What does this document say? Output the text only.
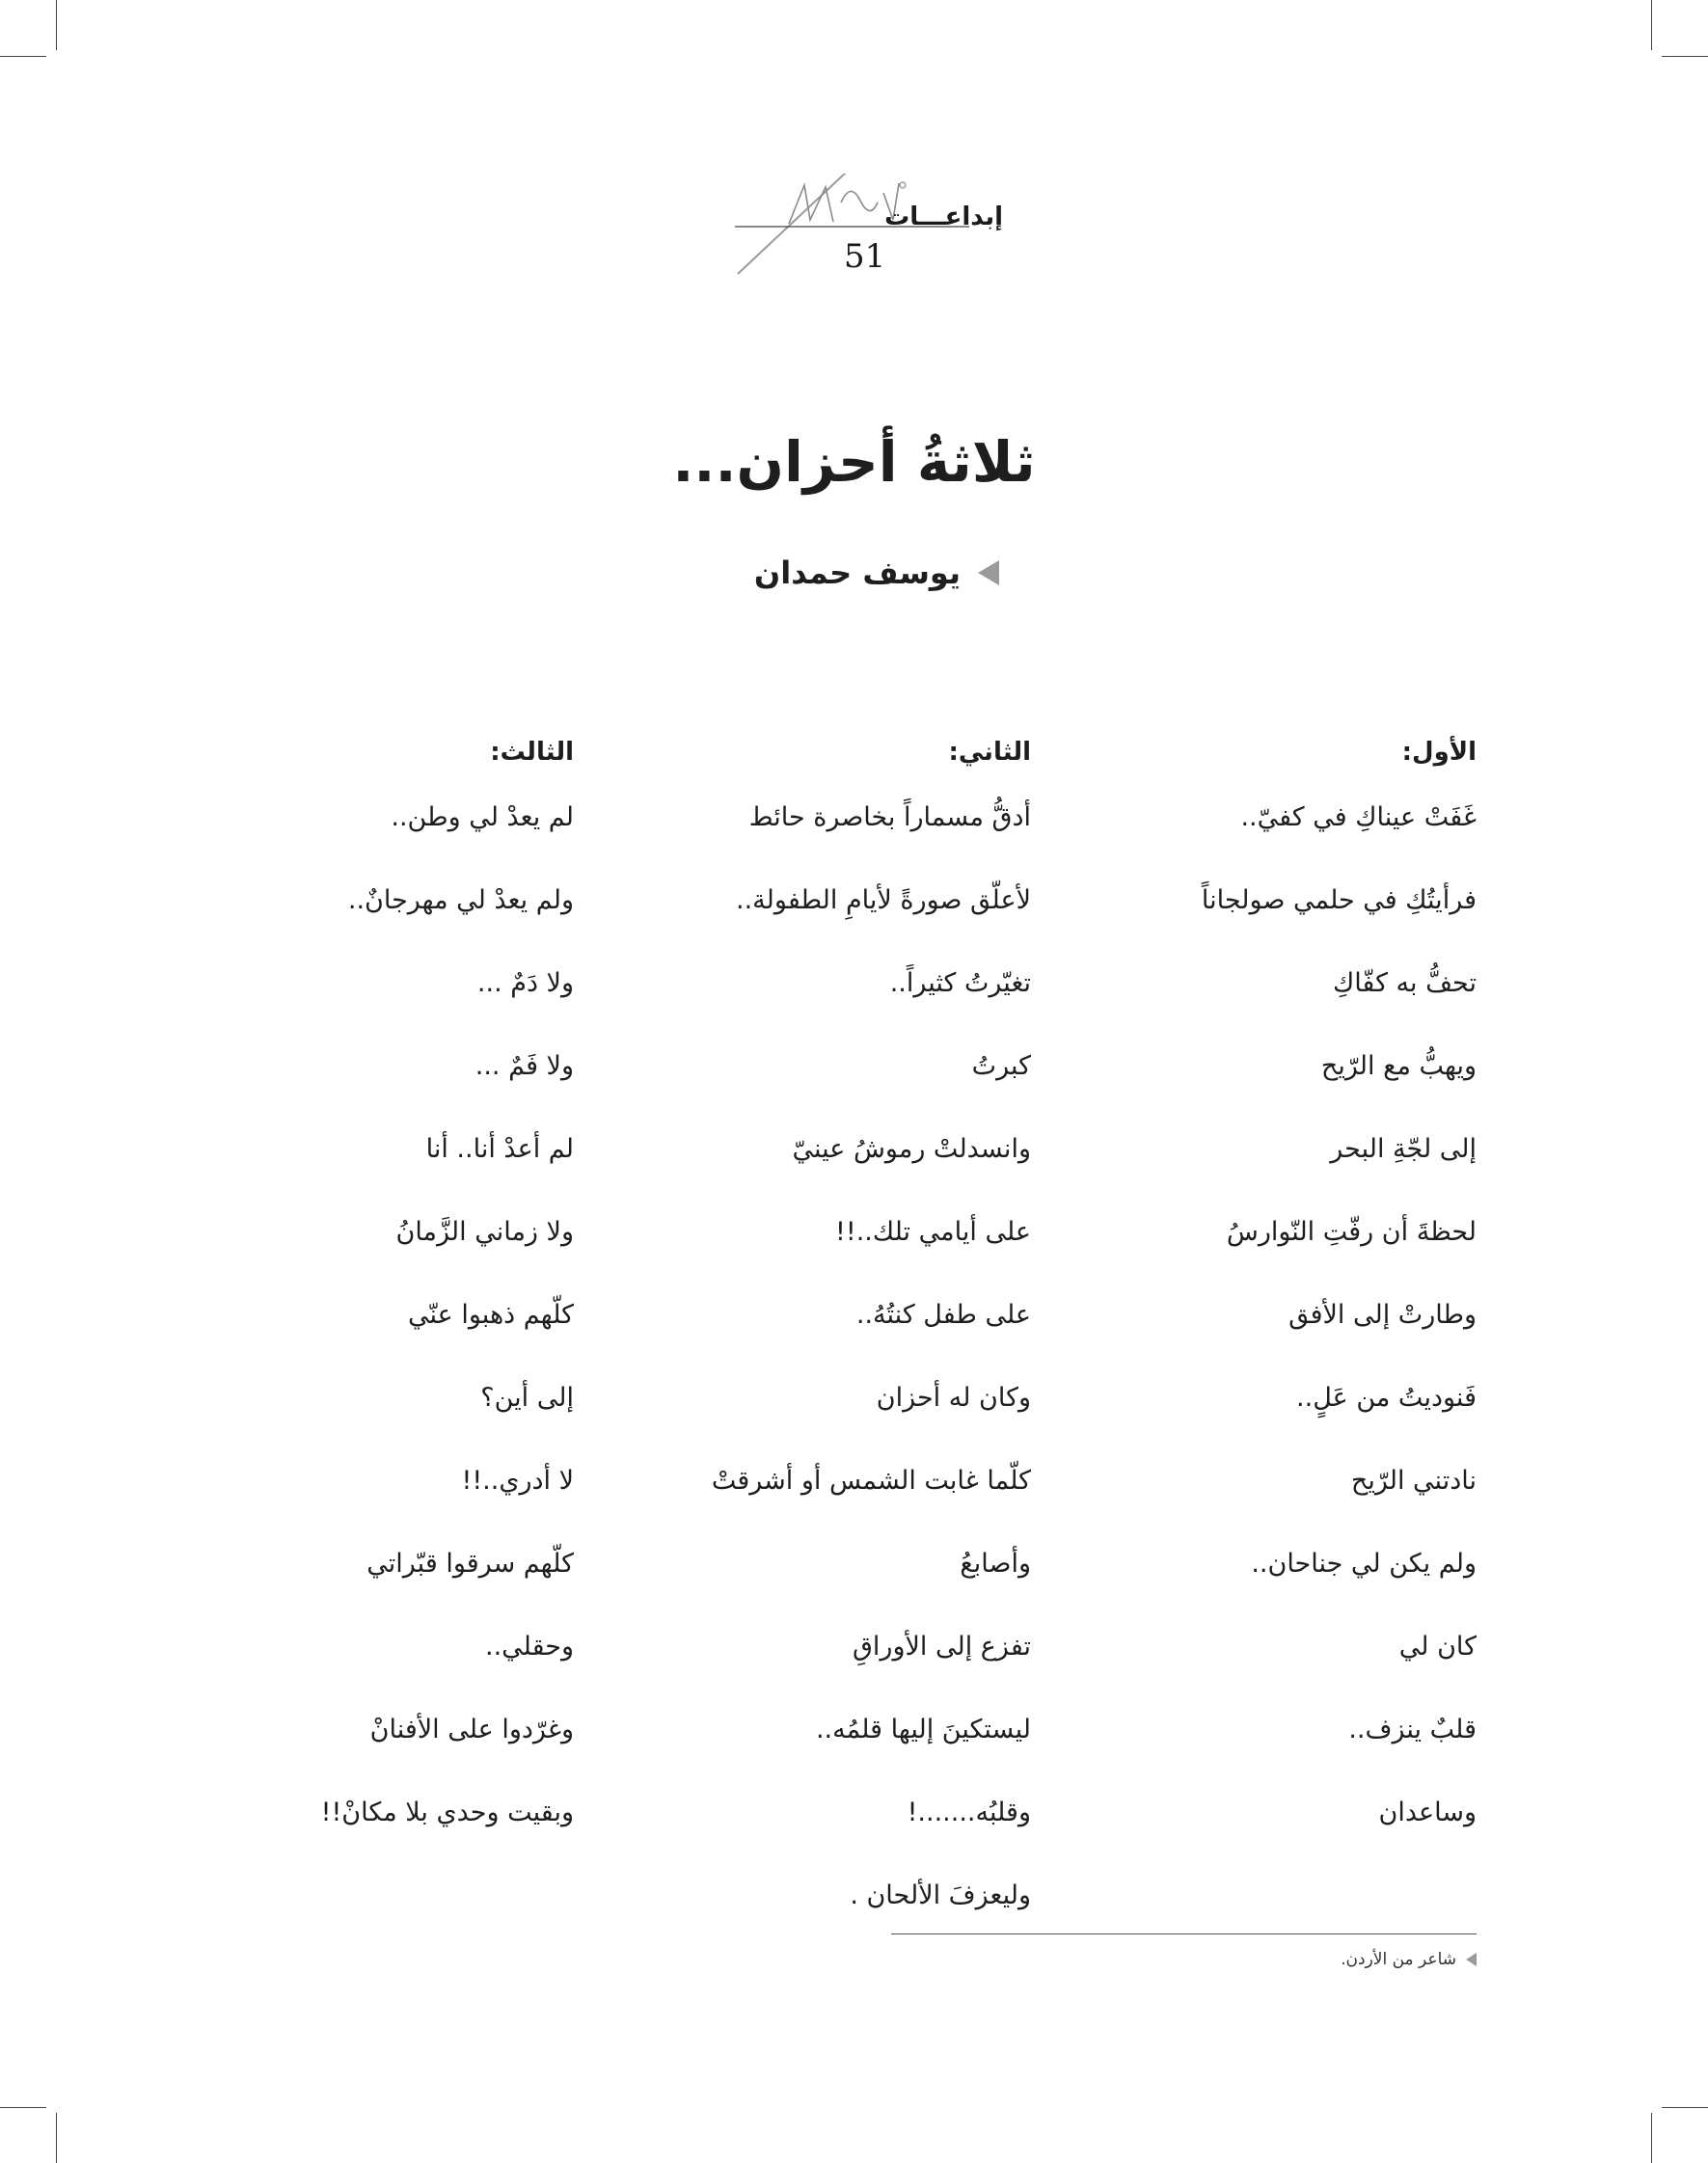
إبداعـــات
51
ثلاثةُ أحزان...
يوسف حمدان
الأول:
غَفَتْ عيناكِ في كفيّ..
فرأيتُكِ في حلمي صولجاناً
تحفُّ به كفّاكِ
ويهبُّ مع الرّيح
إلى لجّةِ البحر
لحظةَ أن رفّتِ النّوارسُ
وطارتْ إلى الأفق
فَنوديتُ من عَلٍ..
نادتني الرّيح
ولم يكن لي جناحان..
كان لي
قلبٌ ينزف..
وساعدان
الثاني:
أدقُّ مسماراً بخاصرة حائط
لأعلّق صورةً لأيامِ الطفولة..
تغيّرتُ كثيراً..
كبرتُ
وانسدلتْ رموشُ عينيّ
على أيامي تلك..!!
على طفل كنتُهُ..
وكان له أحزان
كلّما غابت الشمس أو أشرقتْ
وأصابعُ
تفزع إلى الأوراقِ
ليستكينَ إليها قلمُه..
وقلبُه.......!
وليعزفَ الألحان .
الثالث:
لم يعدْ لي وطن..
ولم يعدْ لي مهرجانٌ..
ولا دَمٌ ...
ولا فَمٌ ...
لم أعدْ أنا.. أنا
ولا زماني الزَّمانُ
كلّهم ذهبوا عنّي
إلى أين؟
لا أدري..!!
كلّهم سرقوا قبّراتي
وحقلي..
وغرّدوا على الأفنانْ
وبقيت وحدي بلا مكانْ!!
شاعر من الأردن.
